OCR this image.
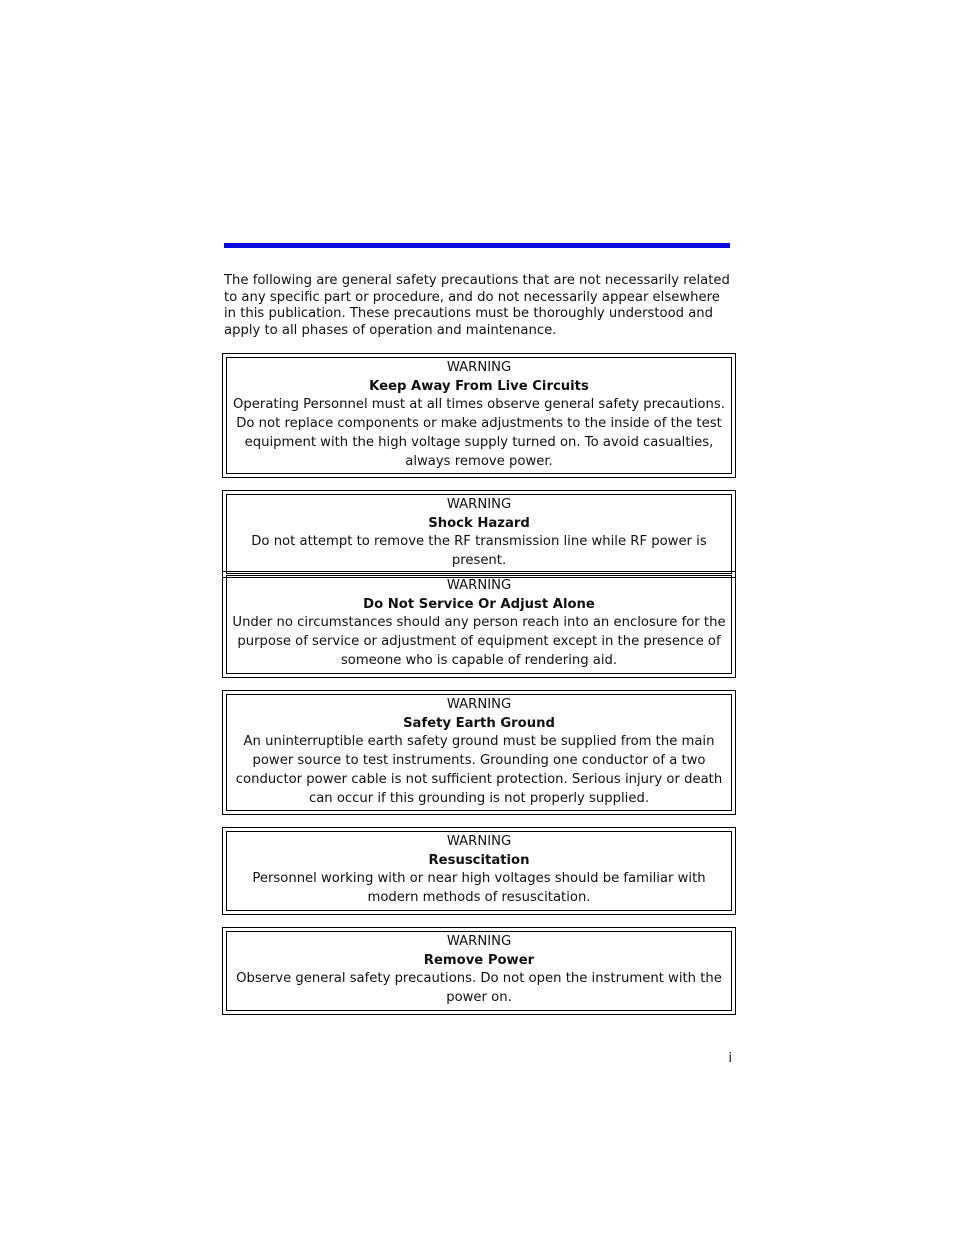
The following are general safety precautions that are not necessarily related to any specific part or procedure, and do not necessarily appear elsewhere in this publication. These precautions must be thoroughly understood and apply to all phases of operation and maintenance.

WARNING
Keep Away From Live Circuits
Operating Personnel must at all times observe general safety precautions. Do not replace components or make adjustments to the inside of the test equipment with the high voltage supply turned on. To avoid casualties, always remove power.
WARNING
Shock Hazard
Do not attempt to remove the RF transmission line while RF power is present.
WARNING
Do Not Service Or Adjust Alone
Under no circumstances should any person reach into an enclosure for the purpose of service or adjustment of equipment except in the presence of someone who is capable of rendering aid.
WARNING
Safety Earth Ground
An uninterruptible earth safety ground must be supplied from the main power source to test instruments. Grounding one conductor of a two conductor power cable is not sufficient protection. Serious injury or death can occur if this grounding is not properly supplied.
WARNING
Resuscitation
Personnel working with or near high voltages should be familiar with modern methods of resuscitation.
WARNING
Remove Power
Observe general safety precautions. Do not open the instrument with the power on.
i
